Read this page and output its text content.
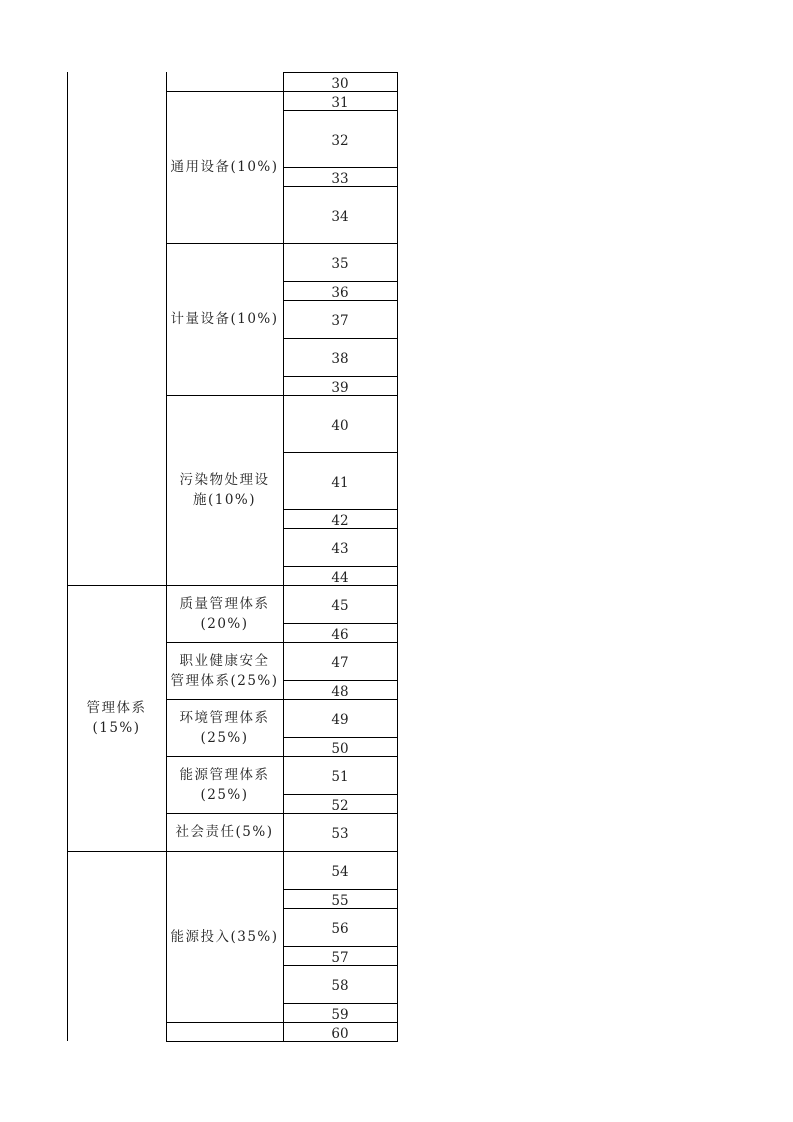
30
31
32
33
34
35
36
37
38
39
40
41
42
43
44
45
46
47
48
49
50
51
52
53
54
55
56
57
58
59
60
通用设备(10%)
计量设备(10%)
污染物处理设
施(10%)
质量管理体系
(20%)
职业健康安全
管理体系(25%)
环境管理体系
(25%)
能源管理体系
(25%)
社会责任(5%)
能源投入(35%)
管理体系
(15%)
